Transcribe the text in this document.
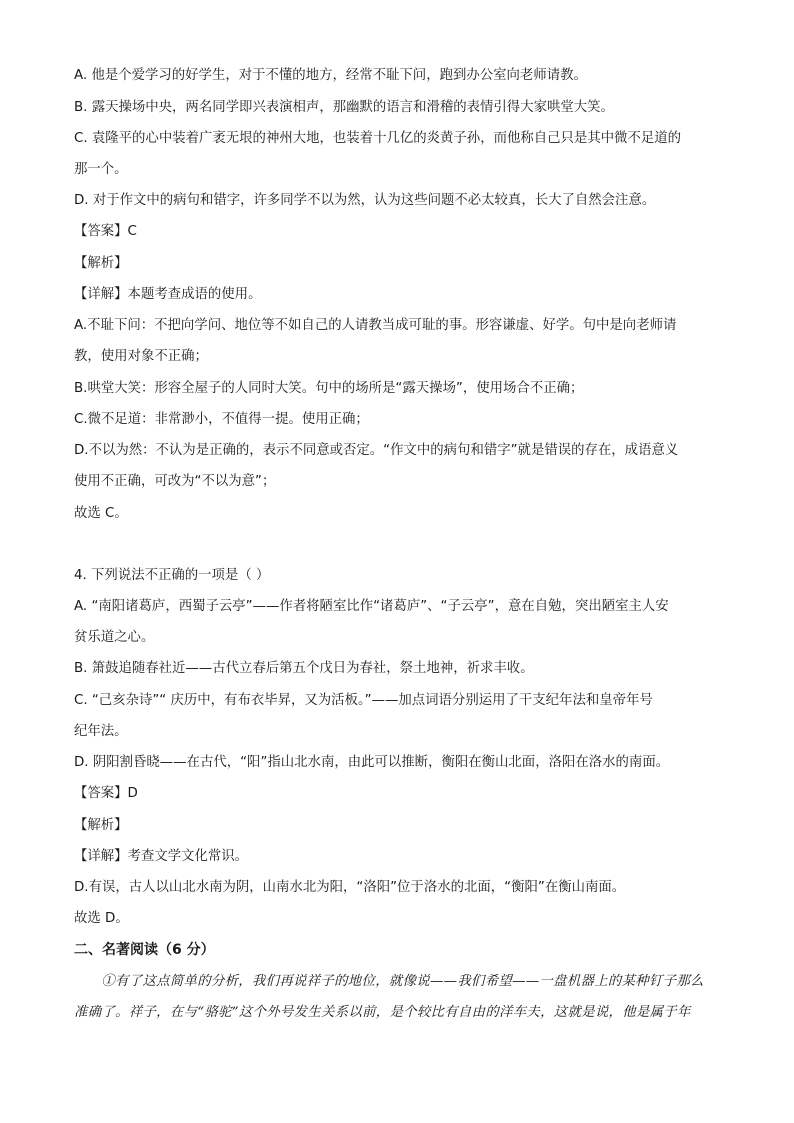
A. 他是个爱学习的好学生，对于不懂的地方，经常不耻下问，跑到办公室向老师请教。
B. 露天操场中央，两名同学即兴表演相声，那幽默的语言和滑稽的表情引得大家哄堂大笑。
C. 袁隆平的心中装着广袤无垠的神州大地，也装着十几亿的炎黄子孙，而他称自己只是其中微不足道的
那一个。
D. 对于作文中的病句和错字，许多同学不以为然，认为这些问题不必太较真，长大了自然会注意。
【答案】C
【解析】
【详解】本题考查成语的使用。
A.不耻下问：不把向学问、地位等不如自己的人请教当成可耻的事。形容谦虚、好学。句中是向老师请
教，使用对象不正确；
B.哄堂大笑：形容全屋子的人同时大笑。句中的场所是“露天操场”，使用场合不正确；
C.微不足道：非常渺小，不值得一提。使用正确；
D.不以为然：不认为是正确的，表示不同意或否定。“作文中的病句和错字”就是错误的存在，成语意义
使用不正确，可改为“不以为意”；
故选 C。
4. 下列说法不正确的一项是（ ）
A. “南阳诸葛庐，西蜀子云亭”——作者将陋室比作“诸葛庐”、“子云亭”，意在自勉，突出陋室主人安
贫乐道之心。
B. 箫鼓追随春社近——古代立春后第五个戊日为春社，祭土地神，祈求丰收。
C. “己亥杂诗”“ 庆历中，有布衣毕昇，又为活板。”——加点词语分别运用了干支纪年法和皇帝年号
纪年法。
D. 阴阳割昏晓——在古代，“阳”指山北水南，由此可以推断，衡阳在衡山北面，洛阳在洛水的南面。
【答案】D
【解析】
【详解】考查文学文化常识。
D.有误，古人以山北水南为阴，山南水北为阳，“洛阳”位于洛水的北面，“衡阳”在衡山南面。
故选 D。
二、名著阅读（6 分）
　　①有了这点简单的分析，我们再说祥子的地位，就像说——我们希望——一盘机器上的某种钉子那么
准确了。祥子，在与“骆驼”这个外号发生关系以前，是个较比有自由的洋车夫，这就是说，他是属于年
